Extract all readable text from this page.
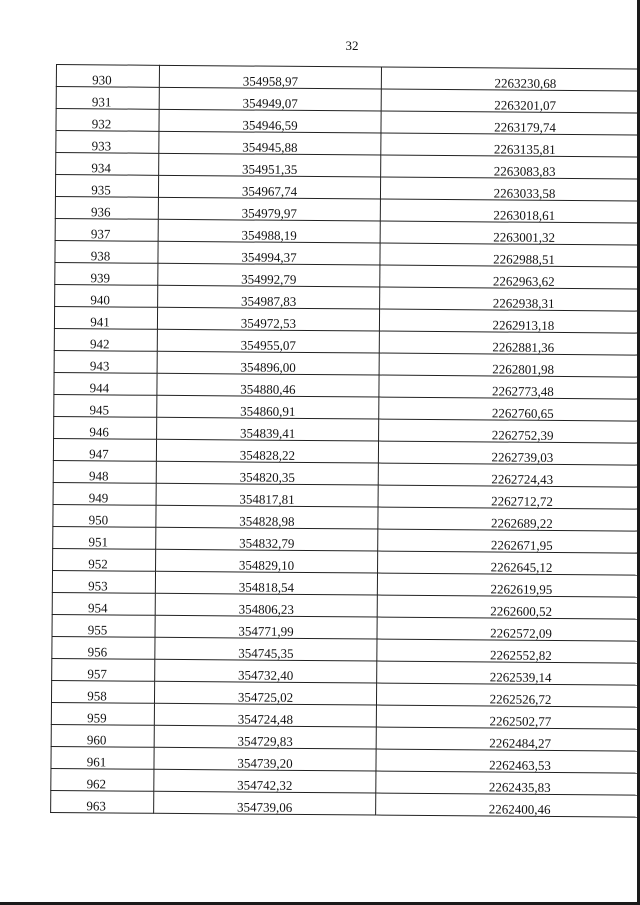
32
930	354958,97	2263230,68
931	354949,07	2263201,07
932	354946,59	2263179,74
933	354945,88	2263135,81
934	354951,35	2263083,83
935	354967,74	2263033,58
936	354979,97	2263018,61
937	354988,19	2263001,32
938	354994,37	2262988,51
939	354992,79	2262963,62
940	354987,83	2262938,31
941	354972,53	2262913,18
942	354955,07	2262881,36
943	354896,00	2262801,98
944	354880,46	2262773,48
945	354860,91	2262760,65
946	354839,41	2262752,39
947	354828,22	2262739,03
948	354820,35	2262724,43
949	354817,81	2262712,72
950	354828,98	2262689,22
951	354832,79	2262671,95
952	354829,10	2262645,12
953	354818,54	2262619,95
954	354806,23	2262600,52
955	354771,99	2262572,09
956	354745,35	2262552,82
957	354732,40	2262539,14
958	354725,02	2262526,72
959	354724,48	2262502,77
960	354729,83	2262484,27
961	354739,20	2262463,53
962	354742,32	2262435,83
963	354739,06	2262400,46
